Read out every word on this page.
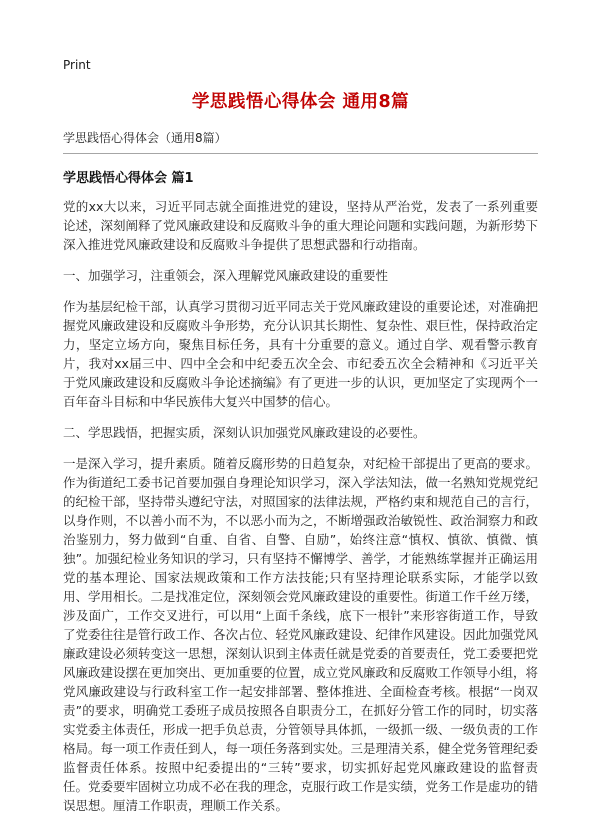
Print
学思践悟心得体会 通用8篇
学思践悟心得体会（通用8篇）
学思践悟心得体会 篇1

党的xx大以来，习近平同志就全面推进党的建设，坚持从严治党，发表了一系列重要论述，深刻阐释了党风廉政建设和反腐败斗争的重大理论问题和实践问题，为新形势下深入推进党风廉政建设和反腐败斗争提供了思想武器和行动指南。

一、加强学习，注重领会，深入理解党风廉政建设的重要性

作为基层纪检干部，认真学习贯彻习近平同志关于党风廉政建设的重要论述，对准确把握党风廉政建设和反腐败斗争形势，充分认识其长期性、复杂性、艰巨性，保持政治定力，坚定立场方向，聚焦目标任务，具有十分重要的意义。通过自学、观看警示教育片，我对xx届三中、四中全会和中纪委五次全会、市纪委五次全会精神和《习近平关于党风廉政建设和反腐败斗争论述摘编》有了更进一步的认识，更加坚定了实现两个一百年奋斗目标和中华民族伟大复兴中国梦的信心。

二、学思践悟，把握实质，深刻认识加强党风廉政建设的必要性。

一是深入学习，提升素质。随着反腐形势的日趋复杂，对纪检干部提出了更高的要求。作为街道纪工委书记首要加强自身理论知识学习，深入学法知法，做一名熟知党规党纪的纪检干部，坚持带头遵纪守法，对照国家的法律法规，严格约束和规范自己的言行，以身作则，不以善小而不为，不以恶小而为之，不断增强政治敏锐性、政治洞察力和政治鉴别力，努力做到“自重、自省、自警、自励”，始终注意“慎权、慎欲、慎微、慎独”。加强纪检业务知识的学习，只有坚持不懈博学、善学，才能熟练掌握并正确运用党的基本理论、国家法规政策和工作方法技能;只有坚持理论联系实际，才能学以致用、学用相长。二是找准定位，深刻领会党风廉政建设的重要性。街道工作千丝万缕，涉及面广，工作交叉进行，可以用“上面千条线，底下一根针”来形容街道工作，导致了党委往往是管行政工作、各次占位、轻党风廉政建设、纪律作风建设。因此加强党风廉政建设必须转变这一思想，深刻认识到主体责任就是党委的首要责任，党工委要把党风廉政建设摆在更加突出、更加重要的位置，成立党风廉政和反腐败工作领导小组，将党风廉政建设与行政科室工作一起安排部署、整体推进、全面检查考核。根据“一岗双责”的要求，明确党工委班子成员按照各自职责分工，在抓好分管工作的同时，切实落实党委主体责任，形成一把手负总责，分管领导具体抓，一级抓一级、一级负责的工作格局。每一项工作责任到人，每一项任务落到实处。三是理清关系，健全党务管理纪委监督责任体系。按照中纪委提出的“三转”要求，切实抓好起党风廉政建设的监督责任。党委要牢固树立功成不必在我的理念，克服行政工作是实绩，党务工作是虚功的错误思想。厘清工作职责，理顺工作关系。
